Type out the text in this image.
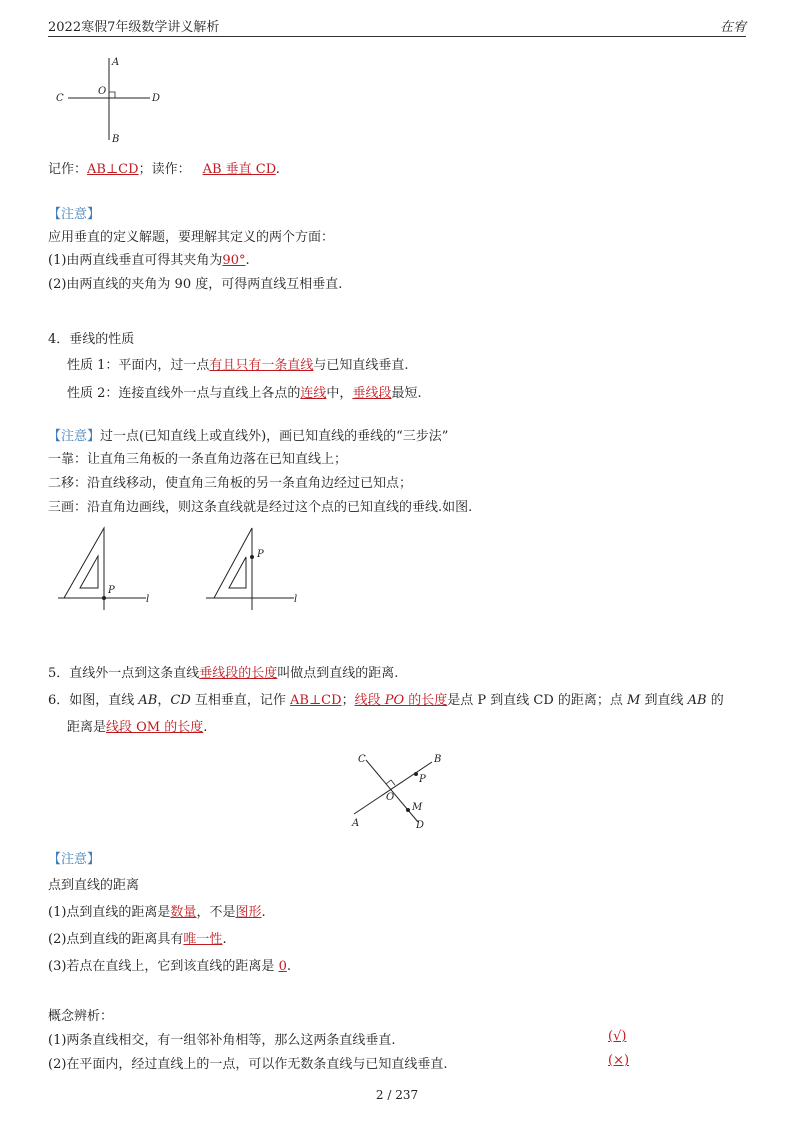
2022寒假7年级数学讲义解析	在宥
A
B
C	D
O
记作：AB⊥CD；读作： AB 垂直 CD.
【注意】
应用垂直的定义解题，要理解其定义的两个方面：
(1)由两直线垂直可得其夹角为90°.
(2)由两直线的夹角为 90 度，可得两直线互相垂直.
4．垂线的性质
性质 1：平面内，过一点有且只有一条直线与已知直线垂直.
性质 2：连接直线外一点与直线上各点的连线中，垂线段最短.
【注意】过一点(已知直线上或直线外)，画已知直线的垂线的“三步法”
一靠：让直角三角板的一条直角边落在已知直线上；
二移：沿直线移动，使直角三角板的另一条直角边经过已知点；
三画：沿直角边画线，则这条直线就是经过这个点的已知直线的垂线.如图.
P
l
P
l
5．直线外一点到这条直线垂线段的长度叫做点到直线的距离.
6．如图，直线 AB，CD 互相垂直，记作 AB⊥CD；线段 PO 的长度是点 P 到直线 CD 的距离；点 M 到直线 AB 的
距离是线段 OM 的长度.
A
B
C
D
O
P
M
【注意】
点到直线的距离
(1)点到直线的距离是数量，不是图形.
(2)点到直线的距离具有唯一性.
(3)若点在直线上，它到该直线的距离是 0.
概念辨析：
(1)两条直线相交，有一组邻补角相等，那么这两条直线垂直.	(√)
(2)在平面内，经过直线上的一点，可以作无数条直线与已知直线垂直.	(×)
2 / 237
